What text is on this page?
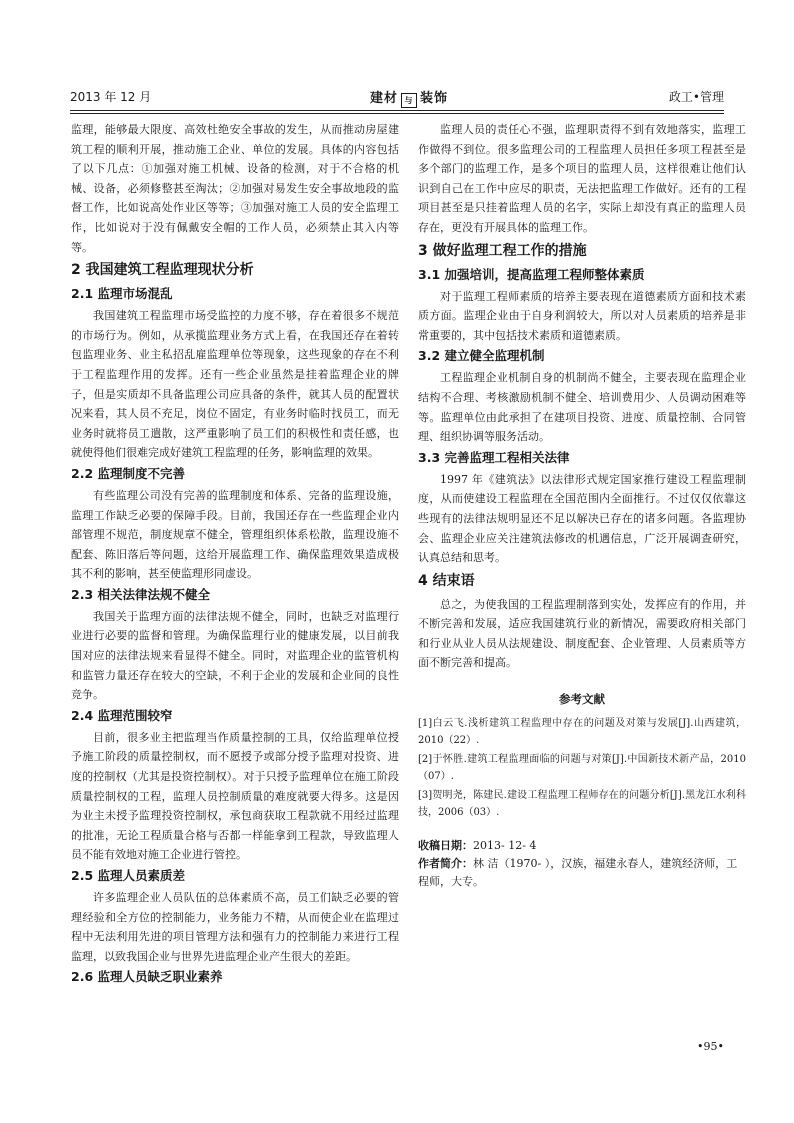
2013 年 12 月	建材 与 装饰	政工•管理

监理，能够最大限度、高效杜绝安全事故的发生，从而推动房屋建筑工程的顺利开展，推动施工企业、单位的发展。具体的内容包括了以下几点：①加强对施工机械、设备的检测，对于不合格的机械、设备，必须修整甚至淘汰；②加强对易发生安全事故地段的监督工作，比如说高处作业区等等；③加强对施工人员的安全监理工作，比如说对于没有佩戴安全帽的工作人员，必须禁止其入内等等。

2 我国建筑工程监理现状分析
2.1 监理市场混乱

我国建筑工程监理市场受监控的力度不够，存在着很多不规范的市场行为。例如，从承揽监理业务方式上看，在我国还存在着转包监理业务、业主私招乱雇监理单位等现象，这些现象的存在不利于工程监理作用的发挥。还有一些企业虽然是挂着监理企业的牌子，但是实质却不具备监理公司应具备的条件，就其人员的配置状况来看，其人员不充足，岗位不固定，有业务时临时找员工，而无业务时就将员工遣散，这严重影响了员工们的积极性和责任感，也就使得他们很难完成好建筑工程监理的任务，影响监理的效果。

2.2 监理制度不完善

有些监理公司没有完善的监理制度和体系、完备的监理设施，监理工作缺乏必要的保障手段。目前，我国还存在一些监理企业内部管理不规范，制度规章不健全，管理组织体系松散，监理设施不配套、陈旧落后等问题，这给开展监理工作、确保监理效果造成极其不利的影响，甚至使监理形同虚设。

2.3 相关法律法规不健全

我国关于监理方面的法律法规不健全，同时，也缺乏对监理行业进行必要的监督和管理。为确保监理行业的健康发展，以目前我国对应的法律法规来看显得不健全。同时，对监理企业的监管机构和监管力量还存在较大的空缺，不利于企业的发展和企业间的良性竞争。

2.4 监理范围较窄

目前，很多业主把监理当作质量控制的工具，仅给监理单位授予施工阶段的质量控制权，而不愿授予或部分授予监理对投资、进度的控制权（尤其是投资控制权）。对于只授予监理单位在施工阶段质量控制权的工程，监理人员控制质量的难度就要大得多。这是因为业主未授予监理投资控制权，承包商获取工程款就不用经过监理的批准，无论工程质量合格与否都一样能拿到工程款，导致监理人员不能有效地对施工企业进行管控。

2.5 监理人员素质差

许多监理企业人员队伍的总体素质不高，员工们缺乏必要的管理经验和全方位的控制能力，业务能力不精，从而使企业在监理过程中无法利用先进的项目管理方法和强有力的控制能力来进行工程监理，以致我国企业与世界先进监理企业产生很大的差距。

2.6 监理人员缺乏职业素养

监理人员的责任心不强，监理职责得不到有效地落实，监理工作做得不到位。很多监理公司的工程监理人员担任多项工程甚至是多个部门的监理工作，是多个项目的监理人员，这样很难让他们认识到自己在工作中应尽的职责，无法把监理工作做好。还有的工程项目甚至是只挂着监理人员的名字，实际上却没有真正的监理人员存在，更没有开展具体的监理工作。

3 做好监理工程工作的措施
3.1 加强培训，提高监理工程师整体素质

对于监理工程师素质的培养主要表现在道德素质方面和技术素质方面。监理企业由于自身利润较大，所以对人员素质的培养是非常重要的，其中包括技术素质和道德素质。

3.2 建立健全监理机制

工程监理企业机制自身的机制尚不健全，主要表现在监理企业结构不合理、考核激励机制不健全、培训费用少、人员调动困难等等。监理单位由此承担了在建项目投资、进度、质量控制、合同管理、组织协调等服务活动。

3.3 完善监理工程相关法律

1997 年《建筑法》以法律形式规定国家推行建设工程监理制度，从而使建设工程监理在全国范围内全面推行。不过仅仅依靠这些现有的法律法规明显还不足以解决已存在的诸多问题。各监理协会、监理企业应关注建筑法修改的机遇信息，广泛开展调查研究，认真总结和思考。

4 结束语

总之，为使我国的工程监理制落到实处，发挥应有的作用，并不断完善和发展，适应我国建筑行业的新情况，需要政府相关部门和行业从业人员从法规建设、制度配套、企业管理、人员素质等方面不断完善和提高。

参考文献
[1]白云飞.浅析建筑工程监理中存在的问题及对策与发展[J].山西建筑，2010（22）.
[2]于怀胜.建筑工程监理面临的问题与对策[J].中国新技术新产品，2010（07）.
[3]贺明尧，陈建民.建设工程监理工程师存在的问题分析[J].黑龙江水利科技，2006（03）.
收稿日期：2013- 12- 4
作者简介：林 洁（1970- ），汉族，福建永春人，建筑经济师，工程师，大专。
•95•
